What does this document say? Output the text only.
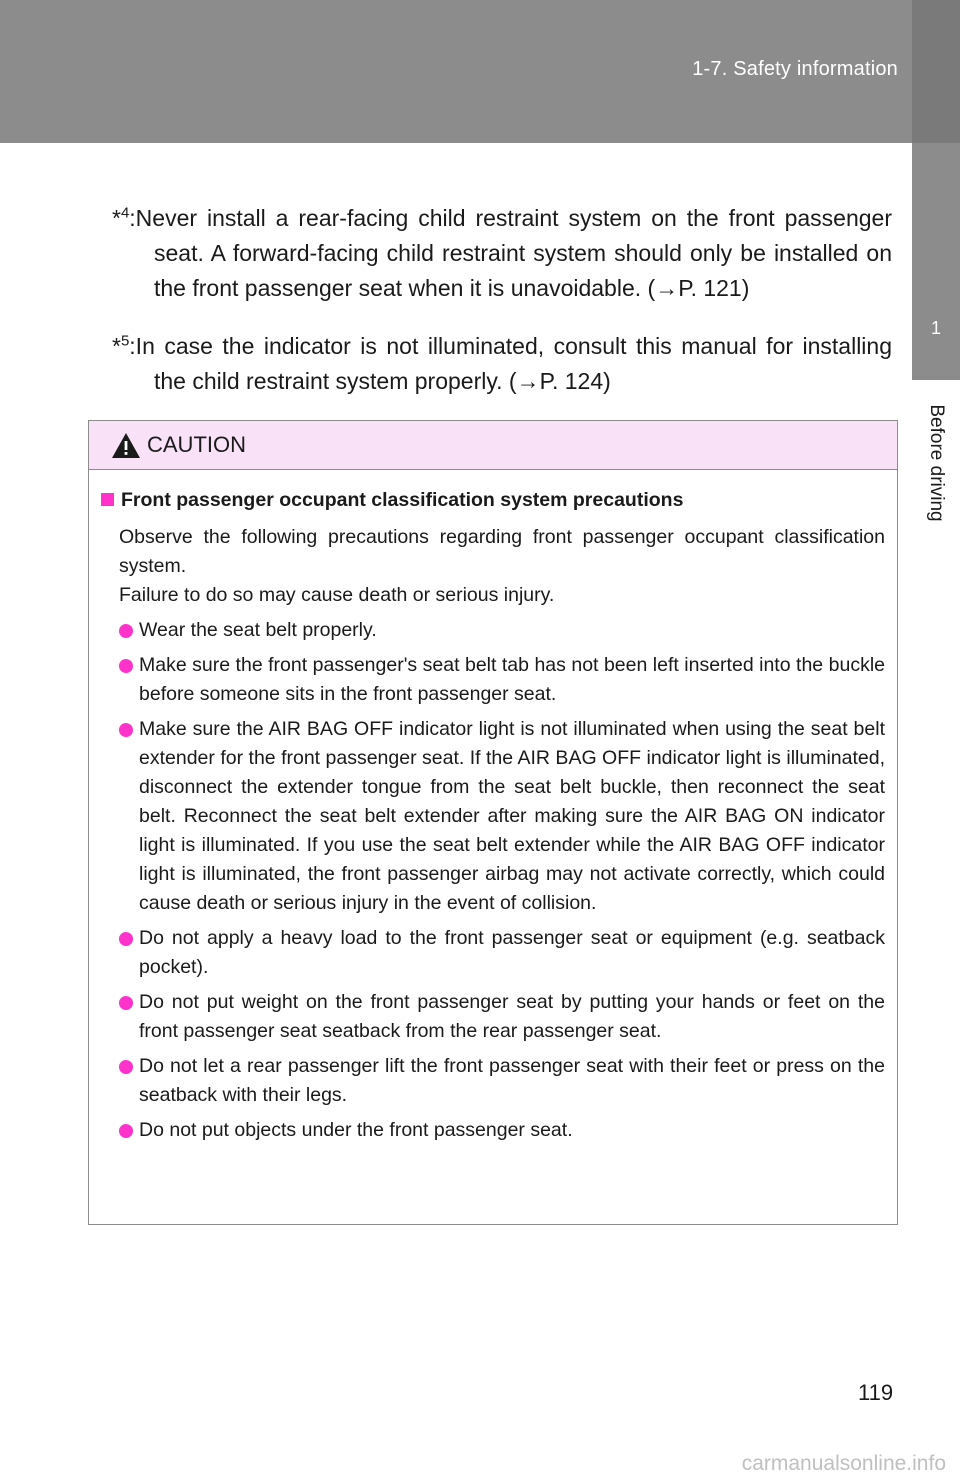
1-7. Safety information
1
Before driving

*$^4$:Never install a rear-facing child restraint system on the front passenger seat. A forward-facing child restraint system should only be installed on the front passenger seat when it is unavoidable. (→P. 121)

*$^5$:In case the indicator is not illuminated, consult this manual for installing the child restraint system properly. (→P. 124)

CAUTION
Front passenger occupant classification system precautions
Observe the following precautions regarding front passenger occupant classification system.
Failure to do so may cause death or serious injury.
Wear the seat belt properly.
Make sure the front passenger's seat belt tab has not been left inserted into the buckle before someone sits in the front passenger seat.
Make sure the AIR BAG OFF indicator light is not illuminated when using the seat belt extender for the front passenger seat. If the AIR BAG OFF indicator light is illuminated, disconnect the extender tongue from the seat belt buckle, then reconnect the seat belt. Reconnect the seat belt extender after making sure the AIR BAG ON indicator light is illuminated. If you use the seat belt extender while the AIR BAG OFF indicator light is illuminated, the front passenger airbag may not activate correctly, which could cause death or serious injury in the event of collision.
Do not apply a heavy load to the front passenger seat or equipment (e.g. seatback pocket).
Do not put weight on the front passenger seat by putting your hands or feet on the front passenger seat seatback from the rear passenger seat.
Do not let a rear passenger lift the front passenger seat with their feet or press on the seatback with their legs.
Do not put objects under the front passenger seat.
119
carmanualsonline.info
